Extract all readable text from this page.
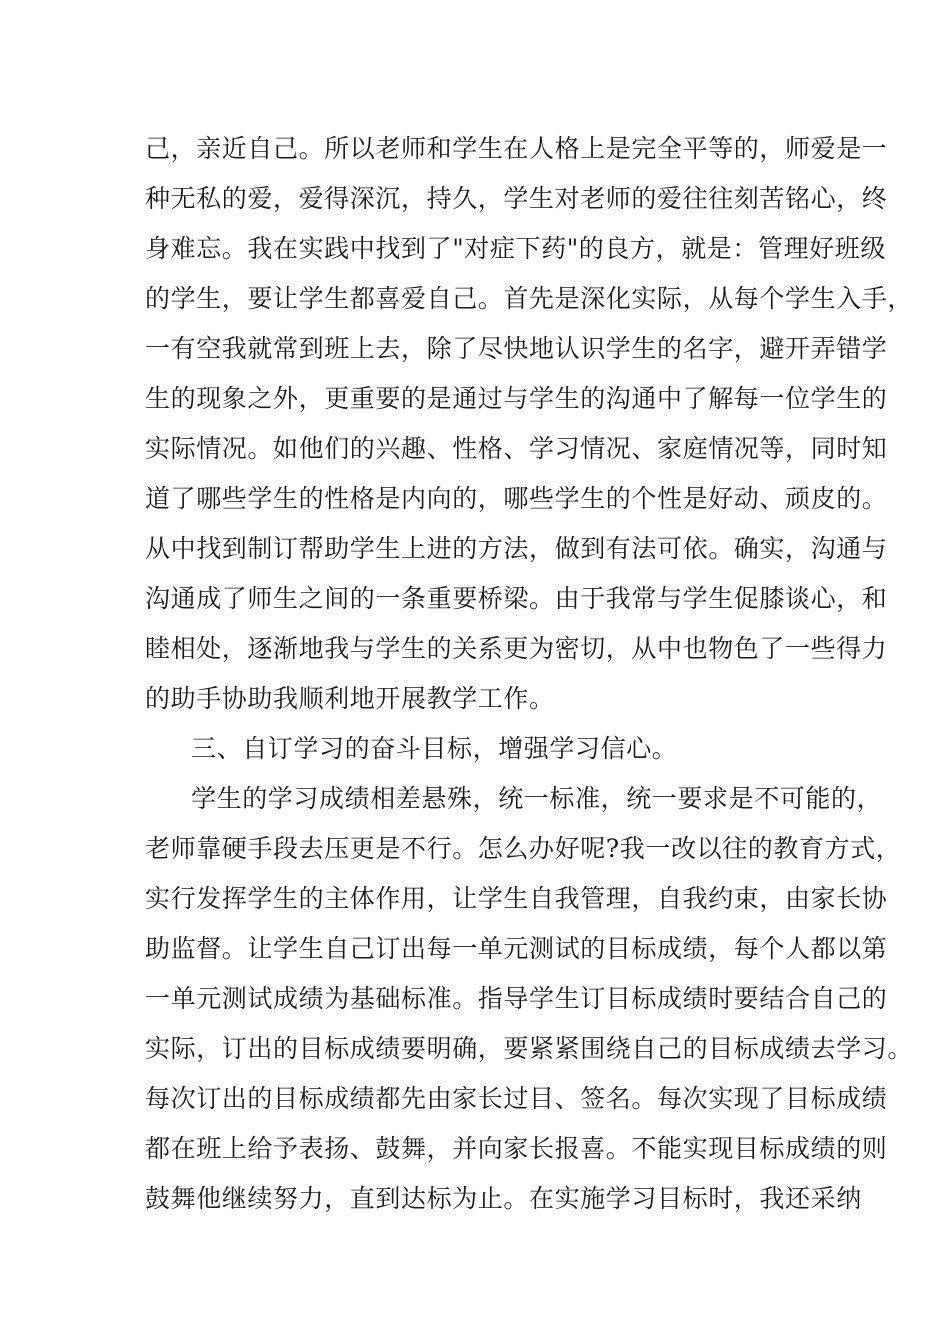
己，亲近自己。所以老师和学生在人格上是完全平等的，师爱是一
种无私的爱，爱得深沉，持久，学生对老师的爱往往刻苦铭心，终
身难忘。我在实践中找到了"对症下药"的良方，就是：管理好班级
的学生，要让学生都喜爱自己。首先是深化实际，从每个学生入手，
一有空我就常到班上去，除了尽快地认识学生的名字，避开弄错学
生的现象之外，更重要的是通过与学生的沟通中了解每一位学生的
实际情况。如他们的兴趣、性格、学习情况、家庭情况等，同时知
道了哪些学生的性格是内向的，哪些学生的个性是好动、顽皮的。
从中找到制订帮助学生上进的方法，做到有法可依。确实，沟通与
沟通成了师生之间的一条重要桥梁。由于我常与学生促膝谈心，和
睦相处，逐渐地我与学生的关系更为密切，从中也物色了一些得力
的助手协助我顺利地开展教学工作。
三、自订学习的奋斗目标，增强学习信心。
学生的学习成绩相差悬殊，统一标准，统一要求是不可能的，
老师靠硬手段去压更是不行。怎么办好呢?我一改以往的教育方式，
实行发挥学生的主体作用，让学生自我管理，自我约束，由家长协
助监督。让学生自己订出每一单元测试的目标成绩，每个人都以第
一单元测试成绩为基础标准。指导学生订目标成绩时要结合自己的
实际，订出的目标成绩要明确，要紧紧围绕自己的目标成绩去学习。
每次订出的目标成绩都先由家长过目、签名。每次实现了目标成绩
都在班上给予表扬、鼓舞，并向家长报喜。不能实现目标成绩的则
鼓舞他继续努力，直到达标为止。在实施学习目标时，我还采纳
